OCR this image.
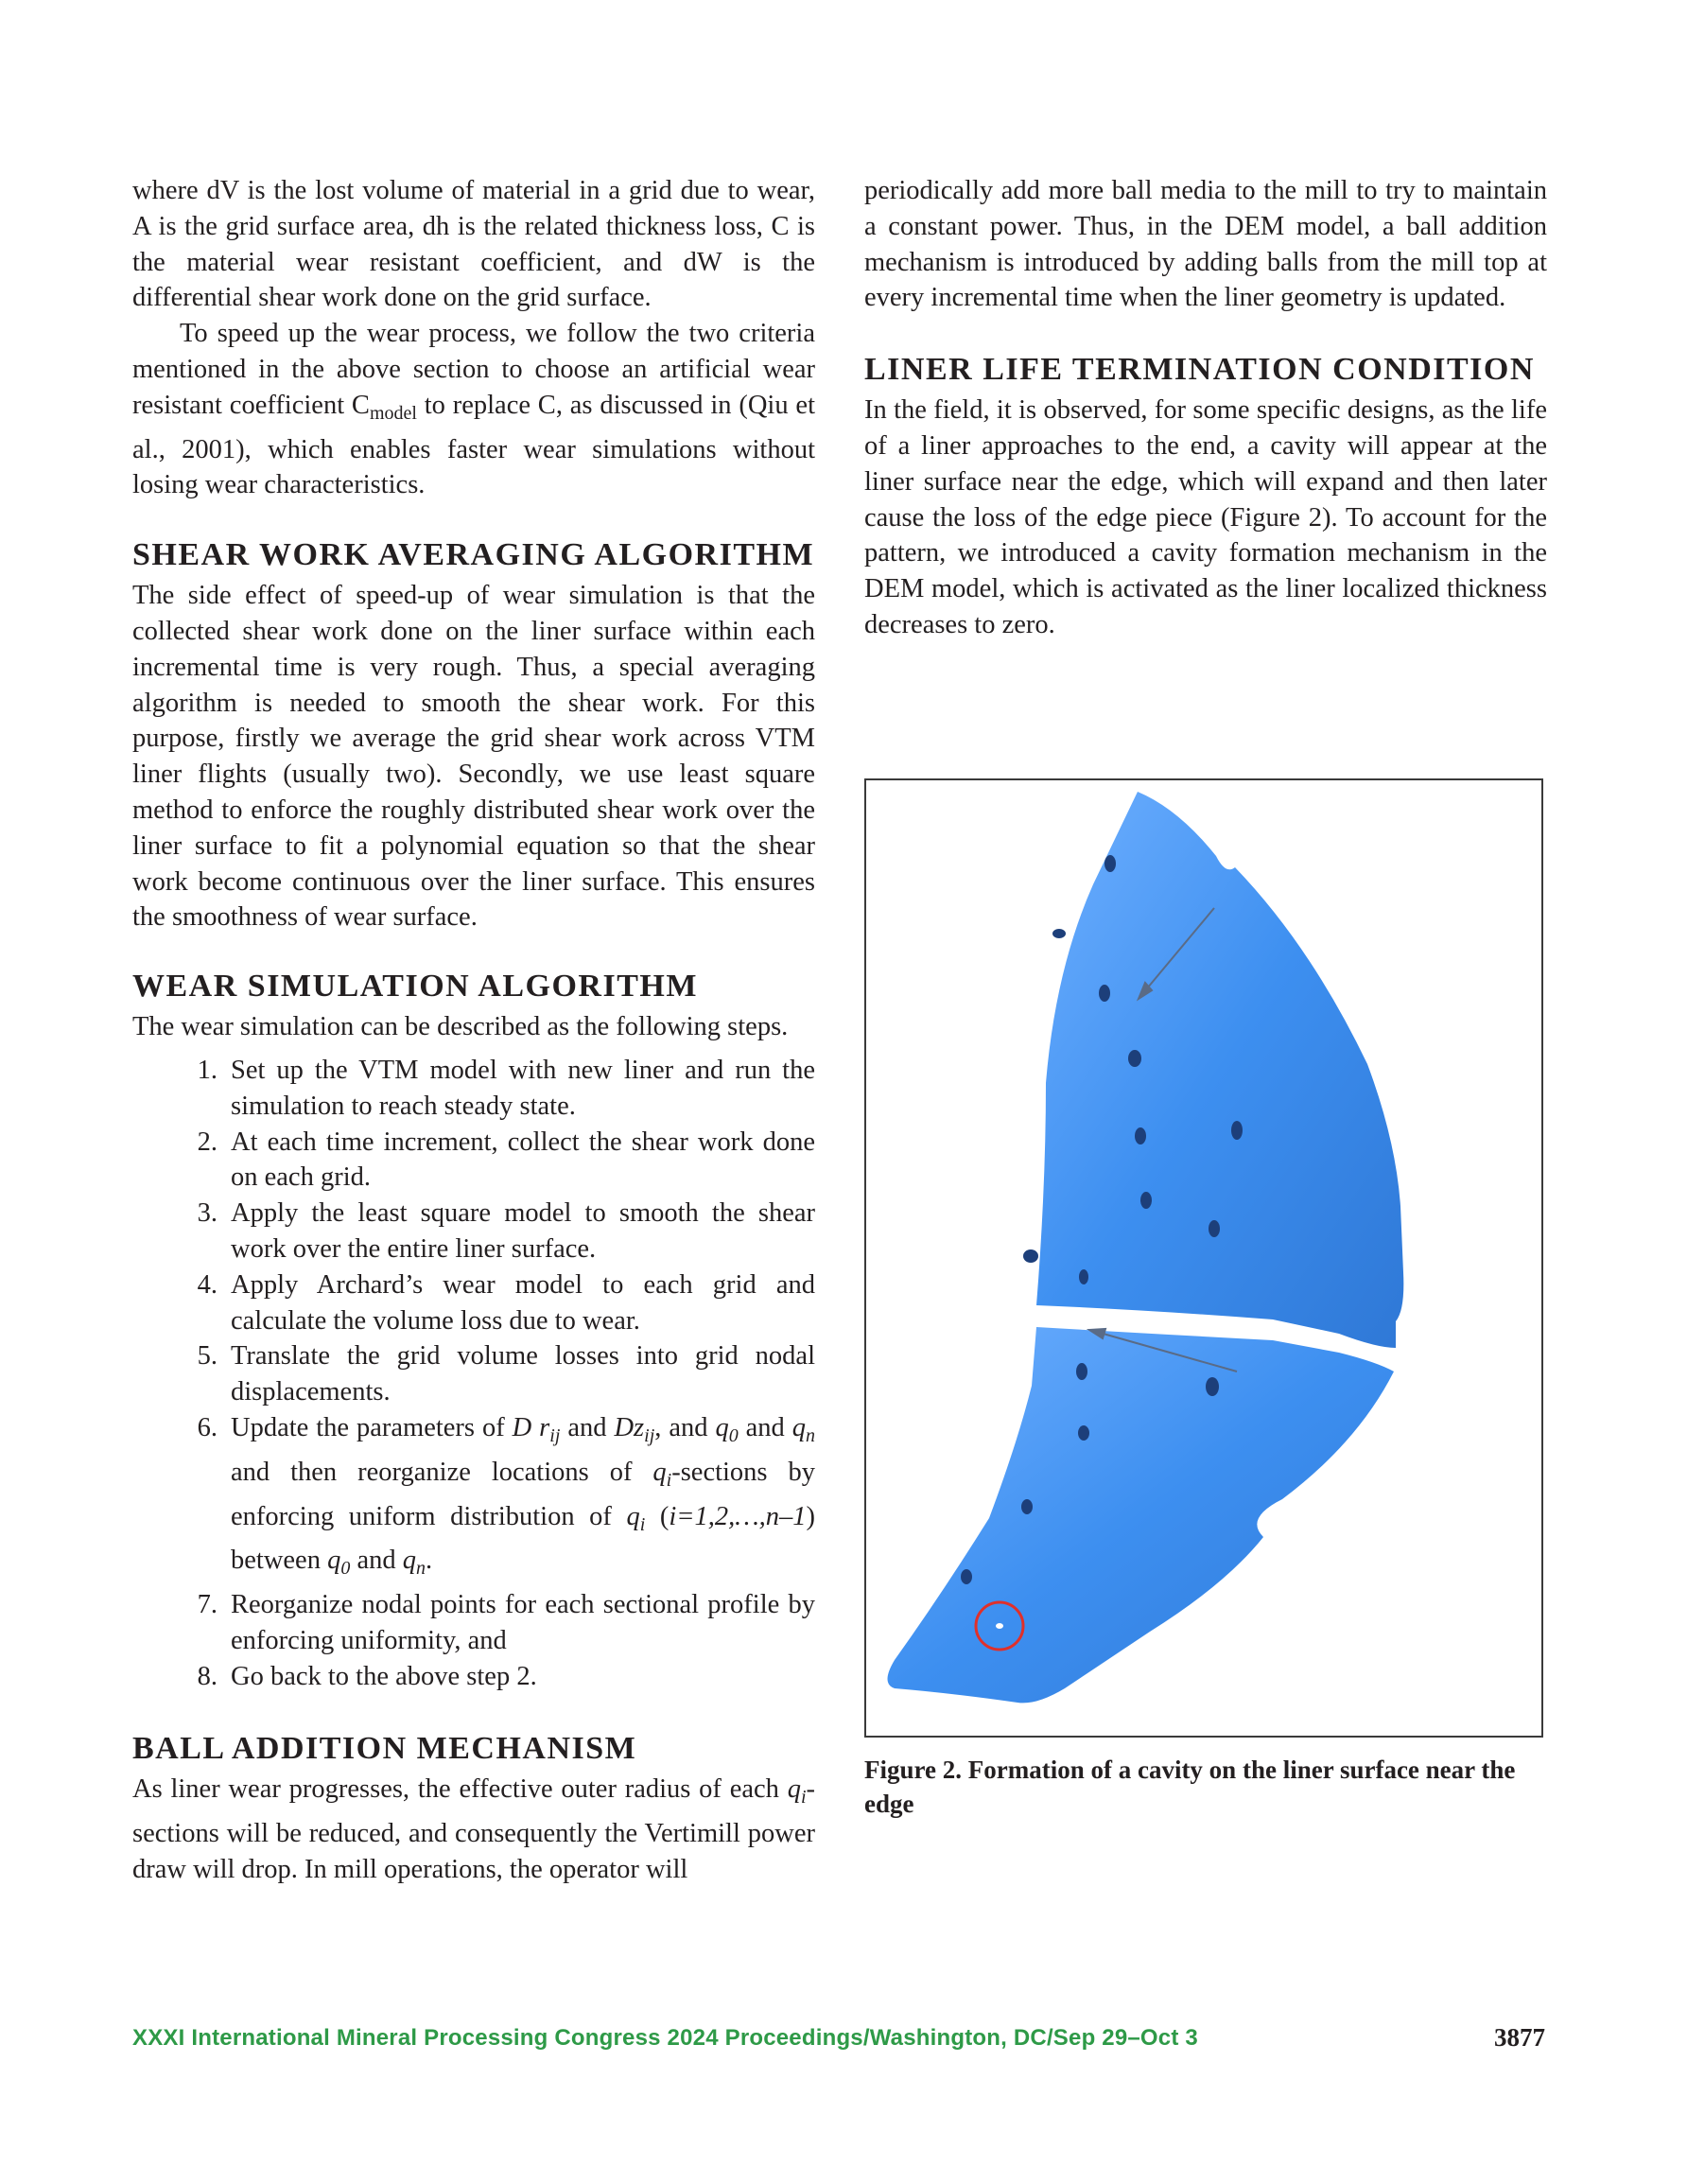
where dV is the lost volume of material in a grid due to wear, A is the grid surface area, dh is the related thickness loss, C is the material wear resistant coefficient, and dW is the differential shear work done on the grid surface.

To speed up the wear process, we follow the two criteria mentioned in the above section to choose an artificial wear resistant coefficient $C_{model}$ to replace C, as discussed in (Qiu et al., 2001), which enables faster wear simulations without losing wear characteristics.

SHEAR WORK AVERAGING ALGORITHM

The side effect of speed-up of wear simulation is that the collected shear work done on the liner surface within each incremental time is very rough. Thus, a special averaging algorithm is needed to smooth the shear work. For this purpose, firstly we average the grid shear work across VTM liner flights (usually two). Secondly, we use least square method to enforce the roughly distributed shear work over the liner surface to fit a polynomial equation so that the shear work become continuous over the liner surface. This ensures the smoothness of wear surface.

WEAR SIMULATION ALGORITHM

The wear simulation can be described as the following steps.

1. Set up the VTM model with new liner and run the simulation to reach steady state.
2. At each time increment, collect the shear work done on each grid.
3. Apply the least square model to smooth the shear work over the entire liner surface.
4. Apply Archard’s wear model to each grid and calculate the volume loss due to wear.
5. Translate the grid volume losses into grid nodal displacements.
6. Update the parameters of D $r_{ij}$ and $Dz_{ij}$, and $q_0$ and $q_n$ and then reorganize locations of $q_i$-sections by enforcing uniform distribution of $q_i$ (i=1,2,…,n–1) between $q_0$ and $q_n$.
7. Reorganize nodal points for each sectional profile by enforcing uniformity, and
8. Go back to the above step 2.
BALL ADDITION MECHANISM

As liner wear progresses, the effective outer radius of each $q_i$-sections will be reduced, and consequently the Vertimill power draw will drop. In mill operations, the operator will

periodically add more ball media to the mill to try to maintain a constant power. Thus, in the DEM model, a ball addition mechanism is introduced by adding balls from the mill top at every incremental time when the liner geometry is updated.

LINER LIFE TERMINATION CONDITION

In the field, it is observed, for some specific designs, as the life of a liner approaches to the end, a cavity will appear at the liner surface near the edge, which will expand and then later cause the loss of the edge piece (Figure 2). To account for the pattern, we introduced a cavity formation mechanism in the DEM model, which is activated as the liner localized thickness decreases to zero.

Figure 2. Formation of a cavity on the liner surface near the edge
XXXI International Mineral Processing Congress 2024 Proceedings/Washington, DC/Sep 29–Oct 3	3877
